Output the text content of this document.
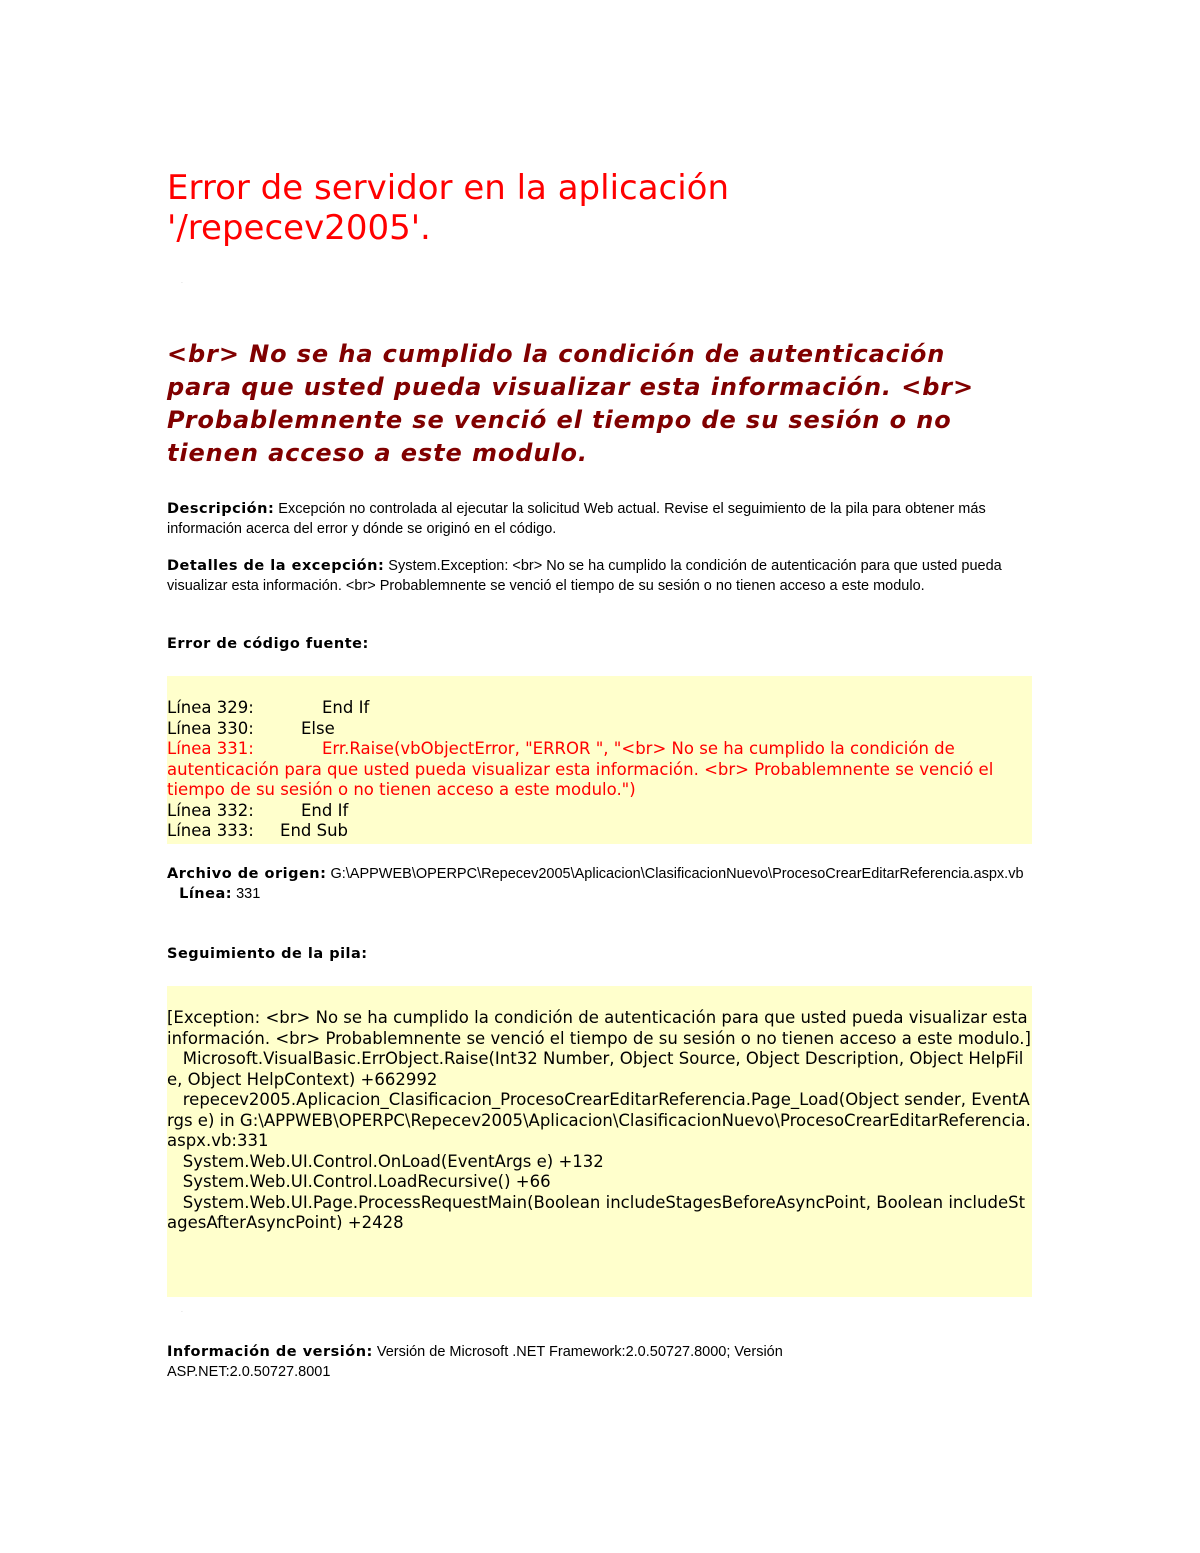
Error de servidor en la aplicación
'/repecev2005'.
·
<br> No se ha cumplido la condición de autenticación para que usted pueda visualizar esta información. <br> Probablemnente se venció el tiempo de su sesión o no tienen acceso a este modulo.
Descripción: Excepción no controlada al ejecutar la solicitud Web actual. Revise el seguimiento de la pila para obtener más información acerca del error y dónde se originó en el código.
Detalles de la excepción: System.Exception: <br> No se ha cumplido la condición de autenticación para que usted pueda visualizar esta información. <br> Probablemnente se venció el tiempo de su sesión o no tienen acceso a este modulo.
Error de código fuente:
Línea 329:             End If
Línea 330:         Else
Línea 331:             Err.Raise(vbObjectError, "ERROR ", "<br> No se ha cumplido la condición de autenticación para que usted pueda visualizar esta información. <br> Probablemnente se venció el tiempo de su sesión o no tienen acceso a este modulo.")
Línea 332:         End If
Línea 333:     End Sub
Archivo de origen: G:\APPWEB\OPERPC\Repecev2005\Aplicacion\ClasificacionNuevo\ProcesoCrearEditarReferencia.aspx.vb    Línea: 331
Seguimiento de la pila:
[Exception: <br> No se ha cumplido la condición de autenticación para que usted pueda visualizar esta información. <br> Probablemnente se venció el tiempo de su sesión o no tienen acceso a este modulo.]
Microsoft.VisualBasic.ErrObject.Raise(Int32 Number, Object Source, Object Description, Object HelpFile, Object HelpContext) +662992
repecev2005.Aplicacion_Clasificacion_ProcesoCrearEditarReferencia.Page_Load(Object sender, EventArgs e) in G:\APPWEB\OPERPC\Repecev2005\Aplicacion\ClasificacionNuevo\ProcesoCrearEditarReferencia.aspx.vb:331
System.Web.UI.Control.OnLoad(EventArgs e) +132
System.Web.UI.Control.LoadRecursive() +66
System.Web.UI.Page.ProcessRequestMain(Boolean includeStagesBeforeAsyncPoint, Boolean includeStagesAfterAsyncPoint) +2428
·
Información de versión: Versión de Microsoft .NET Framework:2.0.50727.8000; Versión ASP.NET:2.0.50727.8001
